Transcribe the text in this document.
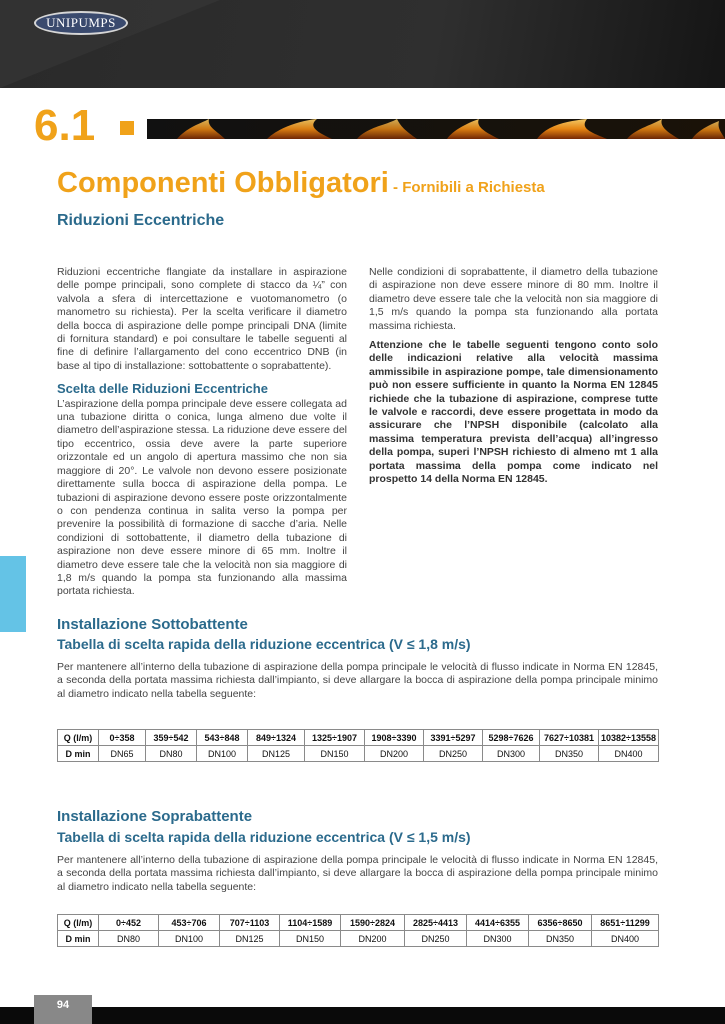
UNIPUMPS
6.1
Componenti Obbligatori - Fornibili a Richiesta
Riduzioni Eccentriche

Riduzioni eccentriche flangiate da installare in aspirazione delle pompe principali, sono complete di stacco da ¼” con valvola a sfera di intercettazione e vuotomanometro (o manometro su richiesta). Per la scelta verificare il diametro della bocca di aspirazione delle pompe principali DNA (limite di fornitura standard) e poi consultare le tabelle seguenti al fine di definire l’allargamento del cono eccentrico DNB (in base al tipo di installazione: sottobattente o soprabattente).

Scelta delle Riduzioni Eccentriche

L’aspirazione della pompa principale deve essere collegata ad una tubazione diritta o conica, lunga almeno due volte il diametro dell’aspirazione stessa. La riduzione deve essere del tipo eccentrico, ossia deve avere la parte superiore orizzontale ed un angolo di apertura massimo che non sia maggiore di 20°. Le valvole non devono essere posizionate direttamente sulla bocca di aspirazione della pompa. Le tubazioni di aspirazione devono essere poste orizzontalmente o con pendenza continua in salita verso la pompa per prevenire la possibilità di formazione di sacche d’aria. Nelle condizioni di sottobattente, il diametro della tubazione di aspirazione non deve essere minore di 65 mm. Inoltre il diametro deve essere tale che la velocità non sia maggiore di 1,8 m/s quando la pompa sta funzionando alla massima portata richiesta.

Nelle condizioni di soprabattente, il diametro della tubazione di aspirazione non deve essere minore di 80 mm. Inoltre il diametro deve essere tale che la velocità non sia maggiore di 1,5 m/s quando la pompa sta funzionando alla portata massima richiesta.

Attenzione che le tabelle seguenti tengono conto solo delle indicazioni relative alla velocità massima ammissibile in aspirazione pompe, tale dimensionamento può non essere sufficiente in quanto la Norma EN 12845 richiede che la tubazione di aspirazione, comprese tutte le valvole e raccordi, deve essere progettata in modo da assicurare che l’NPSH disponibile (calcolato alla massima temperatura prevista dell’acqua) all’ingresso della pompa, superi l’NPSH richiesto di almeno mt 1 alla portata massima della pompa come indicato nel prospetto 14 della Norma EN 12845.

Installazione Sottobattente
Tabella di scelta rapida della riduzione eccentrica (V ≤ 1,8 m/s)
Per mantenere all’interno della tubazione di aspirazione della pompa principale le velocità di flusso indicate in Norma EN 12845, a seconda della portata massima richiesta dall’impianto, si deve allargare la bocca di aspirazione della pompa principale minimo al diametro indicato nella tabella seguente:
Q (l/m)	0÷358	359÷542	543÷848	849÷1324	1325÷1907	1908÷3390	3391÷5297	5298÷7626	7627÷10381	10382÷13558
D min	DN65	DN80	DN100	DN125	DN150	DN200	DN250	DN300	DN350	DN400
Installazione Soprabattente
Tabella di scelta rapida della riduzione eccentrica (V ≤ 1,5 m/s)
Per mantenere all’interno della tubazione di aspirazione della pompa principale le velocità di flusso indicate in Norma EN 12845, a seconda della portata massima richiesta dall’impianto, si deve allargare la bocca di aspirazione della pompa principale minimo al diametro indicato nella tabella seguente:
Q (l/m)	0÷452	453÷706	707÷1103	1104÷1589	1590÷2824	2825÷4413	4414÷6355	6356÷8650	8651÷11299
D min	DN80	DN100	DN125	DN150	DN200	DN250	DN300	DN350	DN400
94
